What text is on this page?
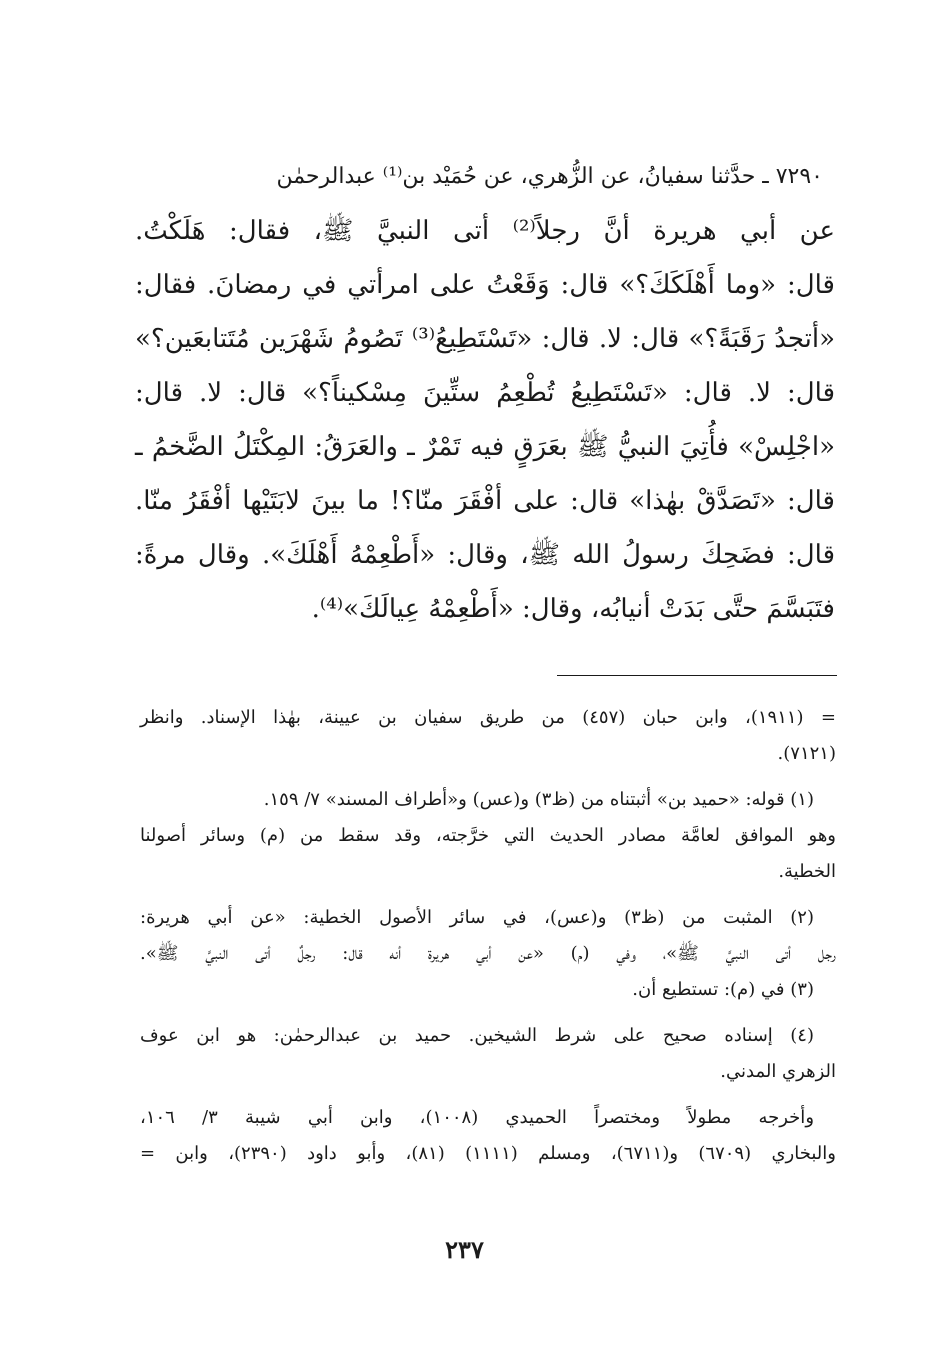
٧٢٩٠ ـ حدَّثنا سفيانُ، عن الزُّهري، عن حُمَيْد بن⁽¹⁾ عبدالرحمٰن
عن أبي هريرة أنَّ رجلاً⁽²⁾ أتى النبيَّ ﷺ، فقال: هَلَكْتُ.
قال: «وما أَهْلَكَكَ؟» قال: وَقَعْتُ على امرأتي في رمضانَ. فقال:
«أتجدُ رَقَبَةً؟» قال: لا. قال: «تَسْتَطِيعُ⁽³⁾ تَصُومُ شَهْرَين مُتَتابعَين؟»
قال: لا. قال: «تَسْتَطِيعُ تُطْعِمُ ستِّينَ مِسْكيناً؟» قال: لا. قال:
«اجْلِسْ» فأُتِيَ النبيُّ ﷺ بعَرَقٍ فيه تَمْرٌ ـ والعَرَقُ: المِكْتَلُ الضَّخمُ ـ
قال: «تَصَدَّقْ بهٰذا» قال: على أفْقَرَ منّا؟! ما بينَ لابَتَيْها أفْقَرُ منّا.
قال: فضَحِكَ رسولُ الله ﷺ، وقال: «أَطْعِمْهُ أَهْلَكَ». وقال مرةً:
فتَبَسَّمَ حتَّى بَدَتْ أنيابُه، وقال: «أَطْعِمْهُ عِيالَكَ»⁽⁴⁾.
= (١٩١١)، وابن حبان (٤٥٧) من طريق سفيان بن عيينة، بهٰذا الإسناد. وانظر
(٧١٢١).
(١) قوله: «حميد بن» أثبتناه من (ظ٣) و(عس) و«أطراف المسند» ٧/ ١٥٩.
وهو الموافق لعامَّة مصادر الحديث التي خرَّجته، وقد سقط من (م) وسائر أصولنا
الخطية.
(٢) المثبت من (ظ٣) و(عس)، في سائر الأصول الخطية: «عن أبي هريرة:
رجل أتى النبيَّ ﷺ»، وفي (م) «عن أبي هريرة أنه قال: رجلٌ أتى النبيَّ ﷺ».
(٣) في (م): تستطيع أن.
(٤) إسناده صحيح على شرط الشيخين. حميد بن عبدالرحمٰن: هو ابن عوف
الزهري المدني.
وأخرجه مطولاً ومختصراً الحميدي (١٠٠٨)، وابن أبي شيبة ٣/ ١٠٦،
والبخاري (٦٧٠٩) و(٦٧١١)، ومسلم (١١١١) (٨١)، وأبو داود (٢٣٩٠)، وابن =
٢٣٧
